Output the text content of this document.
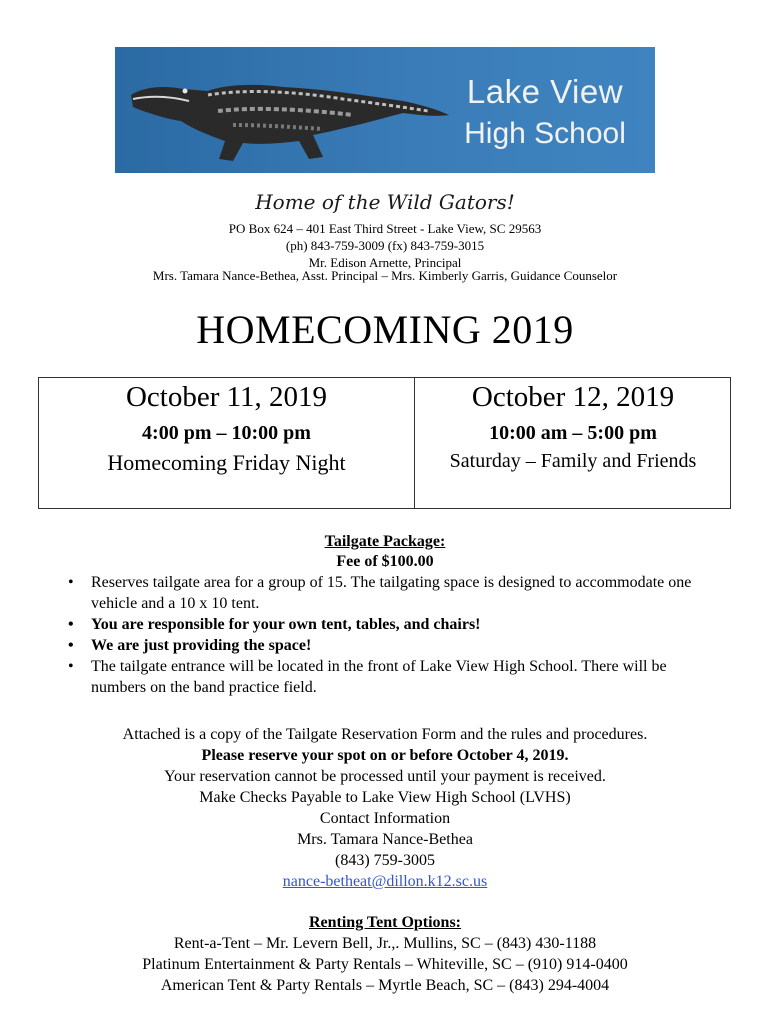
Lake View
High School
Home of the Wild Gators!
PO Box 624 – 401 East Third Street - Lake View, SC 29563
(ph) 843-759-3009 (fx) 843-759-3015
Mr. Edison Arnette, Principal
Mrs. Tamara Nance-Bethea, Asst. Principal – Mrs. Kimberly Garris, Guidance Counselor
HOMECOMING 2019
October 11, 2019
4:00 pm – 10:00 pm
Homecoming Friday Night
October 12, 2019
10:00 am – 5:00 pm
Saturday – Family and Friends
Tailgate Package:
Fee of $100.00
• Reserves tailgate area for a group of 15. The tailgating space is designed to accommodate one vehicle and a 10 x 10 tent.
• You are responsible for your own tent, tables, and chairs!
• We are just providing the space!
• The tailgate entrance will be located in the front of Lake View High School. There will be numbers on the band practice field.
Attached is a copy of the Tailgate Reservation Form and the rules and procedures.
Please reserve your spot on or before October 4, 2019.
Your reservation cannot be processed until your payment is received.
Make Checks Payable to Lake View High School (LVHS)
Contact Information
Mrs. Tamara Nance-Bethea
(843) 759-3005
nance-betheat@dillon.k12.sc.us
Renting Tent Options:
Rent-a-Tent – Mr. Levern Bell, Jr.,. Mullins, SC – (843) 430-1188
Platinum Entertainment & Party Rentals – Whiteville, SC – (910) 914-0400
American Tent & Party Rentals – Myrtle Beach, SC – (843) 294-4004
